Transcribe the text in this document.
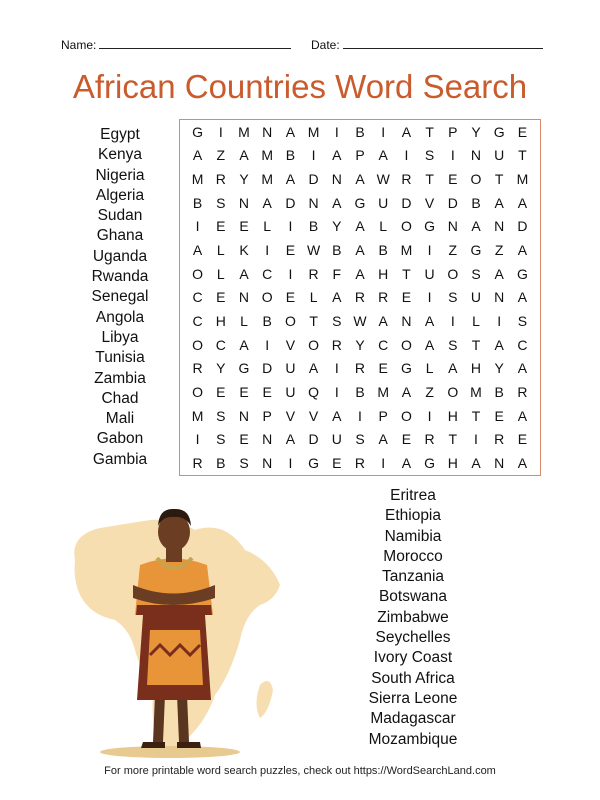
Name:	Date:
African Countries Word Search
Egypt
Kenya
Nigeria
Algeria
Sudan
Ghana
Uganda
Rwanda
Senegal
Angola
Libya
Tunisia
Zambia
Chad
Mali
Gabon
Gambia
G	I	M N A M	I	B	I	A	T	P Y G E
A	Z	A M B	I	A P A	I	S	I	N U T
M R Y M A D N A W R T	E O T M
B S N A D N A G U D V D B A A
I	E E	L	I	B Y A	L O G N A N D
A	L	K	I	E W B A B M	I	Z G Z	A
O L	A C	I	R F	A H T U O S A G
C E N O E	L	A R R E	I	S U N A
C H	L	B O T	S W A N A	I	L	I	S
O C A	I	V O R Y C O A S	T	A C
R Y G D U A	I	R E G L	A H Y A
O E E E U Q	I	B M A	Z O M B R
M S N P V V A	I	P O	I	H T	E A
I	S E N A D U S A E R T	I	R E
R B S N	I	G E R	I	A G H A N A
Eritrea
Ethiopia
Namibia
Morocco
Tanzania
Botswana
Zimbabwe
Seychelles
Ivory Coast
South Africa
Sierra Leone
Madagascar
Mozambique
For more printable word search puzzles, check out https://WordSearchLand.com
